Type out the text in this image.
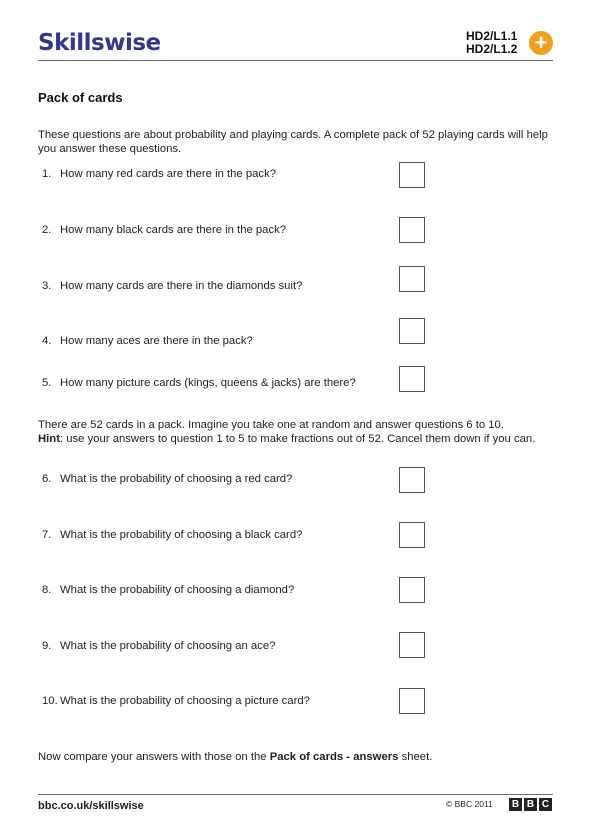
Skillswise	HD2/L1.1
HD2/L1.2 +
Pack of cards
These questions are about probability and playing cards. A complete pack of 52 playing cards will help you answer these questions.
1. How many red cards are there in the pack?
2. How many black cards are there in the pack?
3. How many cards are there in the diamonds suit?
4. How many aces are there in the pack?
5. How many picture cards (kings, queens & jacks) are there?
There are 52 cards in a pack. Imagine you take one at random and answer questions 6 to 10.
Hint: use your answers to question 1 to 5 to make fractions out of 52. Cancel them down if you can.
6. What is the probability of choosing a red card?
7. What is the probability of choosing a black card?
8. What is the probability of choosing a diamond?
9. What is the probability of choosing an ace?
10. What is the probability of choosing a picture card?
Now compare your answers with those on the Pack of cards - answers sheet.
bbc.co.uk/skillswise	© BBC 2011 B B C
